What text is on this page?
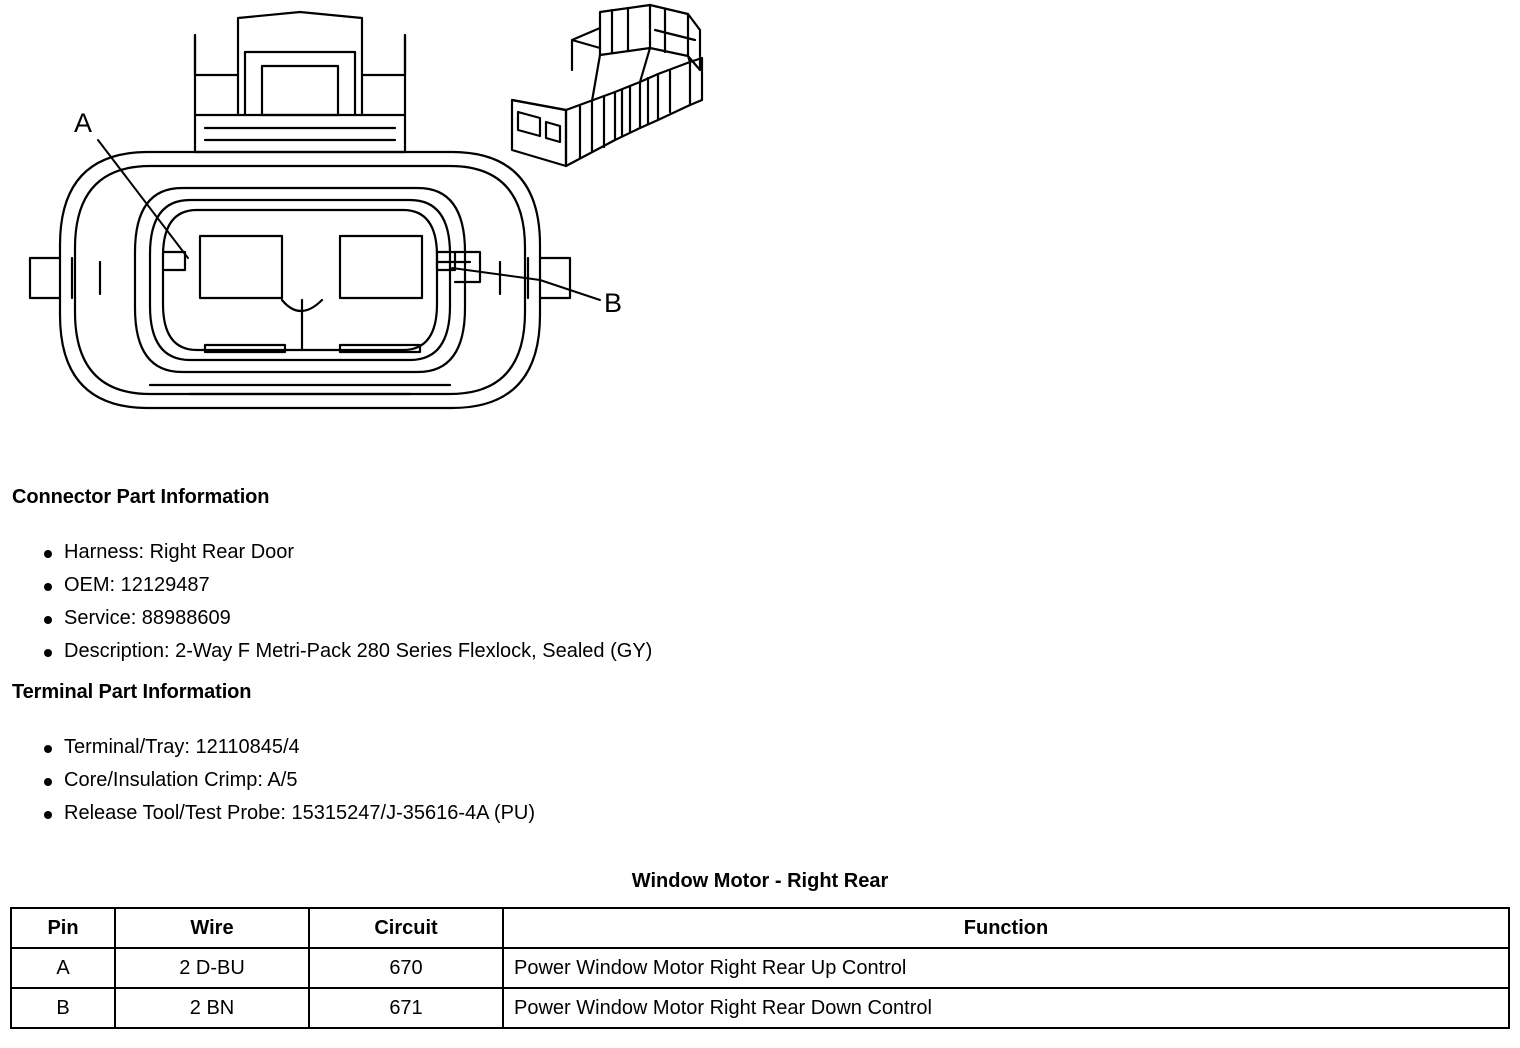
A
B
Connector Part Information
Harness: Right Rear Door
OEM: 12129487
Service: 88988609
Description: 2-Way F Metri-Pack 280 Series Flexlock, Sealed (GY)
Terminal Part Information
Terminal/Tray: 12110845/4
Core/Insulation Crimp: A/5
Release Tool/Test Probe: 15315247/J-35616-4A (PU)
Window Motor - Right Rear
Pin	Wire	Circuit	Function
A	2 D-BU	670	Power Window Motor Right Rear Up Control
B	2 BN	671	Power Window Motor Right Rear Down Control
